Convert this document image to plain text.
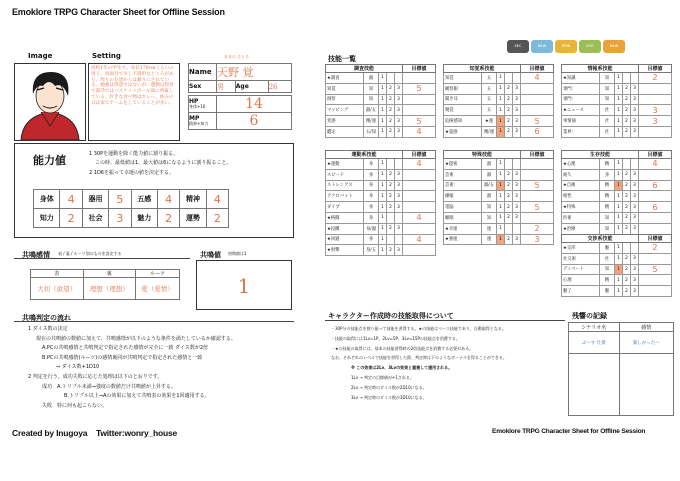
Emoklore TRPG Character Sheet for Offline Session
SEC	NEW	RMN	DOC	NEW
Image	Setting
高校1年の学生で、身長170cmくらいの男子。真面目で少し不器用なところがあり、周りの友達からは頼りにされている。勉強は得意ではないが、運動は得意で部活ではバスケットボール部に所属している。好きな食べ物はカレー。休みの日は家でゲームをしていることが多い。
あまの さとる
Name	天野 覚		
Sex	男	Age	26
HP
身体+10	14

MP
精神+知力	6
能力値	1 30Pを運動を除く能力値に割り振る。
この時、最低値は1、最大値は6になるように割り振ること。
2 1D6を振って幸運の値を決定する。
身体	4	器用	5	五感	4	精神	4
知力	2	社会	3	魅力	2	運勢	2
共鳴感情 表 / 裏 / ルーツ別のものを設定する
表	裏	ルーツ
大切（欲望）	理想（理想）	愛（愛情）
共鳴値 初期値は1
1
共鳴判定の流れ
1 ダイス数の決定
現在の共鳴値の数値に加えて、共鳴感情が以下のような条件を満たしているか確認する。
A.PCの共鳴感情と共鳴判定で指定された感情が完全に一致 ダイス数が2倍
B.PCの共鳴感情(ルーツ)の感情裏同が共鳴判定で指定された感情と一致
⇒ ダイス数+1D10
2 判定を行う。成功失敗に応じた処理は以下のとおりです。
成功　A.トリプル未満⇒強度の数値だけ共鳴値が上昇する。
B.トリプル以上⇒Aの効果に加えて共鳴表の効果を1回適用する。
失敗　特に何も起こらない。
技能一覧
調査技能					目標値
★調査	器	1			
知覚	知	1	2	3	5
洞察	知	1	2	3	
マッピング	器/五	1	2	3	
変感	精/運	1	2	3	5
鑑定	五/知	1	2	3	4
知覚系技能					目標値
知覚	五	1			4
観察眼	五	1	2	3	
聞き耳	五	1	2	3	
嗅覚	五	1	2	3	
危険感知	★運	1	2	3	5
★霊感	精/運	1	2	3	6
情報系技能					目標値
★知識	知	1			2
専門:	知	1	2	3	
専門:	知	1	2	3	
★ニュース	社	1	2	3	3
事情通	社	1	2	3	3
業界:	社	1	2	3	
運動系技能					目標値
★運動	身	1			4
スピード	身	1	2	3	
ストレングス	身	1	2	3	
アクロバット	身	1	2	3	
ダイブ	身	1	2	3	
★格闘	身	1			4
★投擲	身/器	1	2	3	
★回避	身	1			4
★射撃	身/五	1	2	3	
特殊技能					目標値
★隠密	器	1			
芸術	器	1	2	3	
芸術:	器/五	1	2	3	5
操縦	器	1	2	3	
電脳	知	1	2	3	5
睡眠	知	1	2	3	
★幸運	運	1			2
★強運	運	1	2	3	3
生存技能					目標値
★心理	精	1			4
耐久	身	1	2	3	
★自衛	精	1	2	3	6
根性	精	1	2	3	
★特殊	精	1	2	3	6
医術	知	1	2	3	
★治療	知	1	2	3	
交渉系技能					目標値
★交渉	魅	1			2
社交術	社	1	2	3	
ディベート	知	1	2	3	5
心理	精	1	2	3	
魅了	魅	1	2	3	
キャラクター作成時の技能取得について
・30P分の技能点を割り振って技能を習得する。★の技能はベース技能であり、自動取得となる。
・技能の取得には1Lv=1P、2Lv=5P、3Lv=15Pの技能点を消費する。
・★の技能の取得には、基本の技能習得時の2倍技能点を消費する必要がある。
なお、それぞれのレベルで技能を習得した際、判定時は下のようなボーナスを得ることができる。
※ この効果は2Lv、3Lvの効果と重複して適用される。
1Lv → 判定の目標値が+1される。
2Lv → 判定時のダイス数が2D10になる。
3Lv → 判定時のダイス数が3D10になる。
残響の記録
シナリオ名	感情
ぷ〜す 仕掛	楽しかった〜

Created by Inugoya Twitter:wonry_house	Emoklore TRPG Character Sheet for Offline Session
